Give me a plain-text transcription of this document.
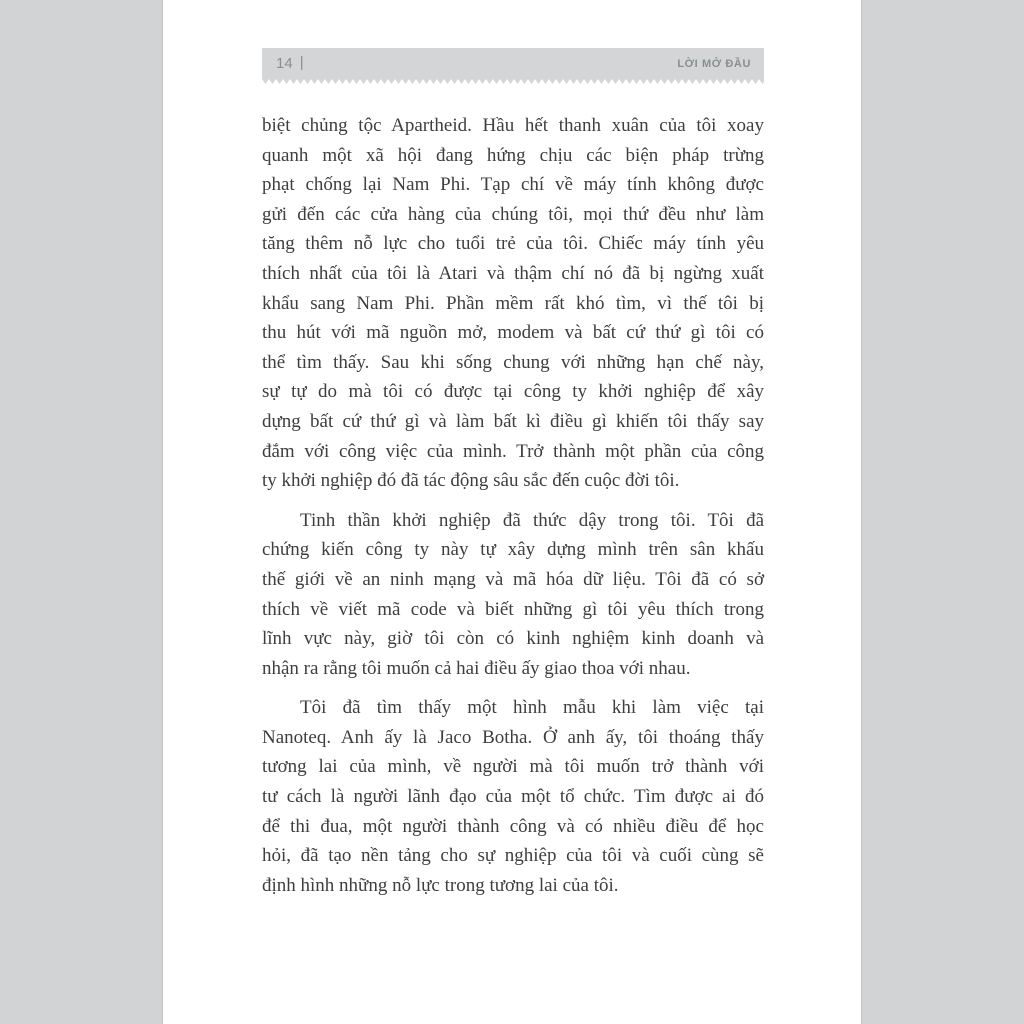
14 |	LỜI MỞ ĐẦU
biệt chủng tộc Apartheid. Hầu hết thanh xuân của tôi xoay
quanh một xã hội đang hứng chịu các biện pháp trừng
phạt chống lại Nam Phi. Tạp chí về máy tính không được
gửi đến các cửa hàng của chúng tôi, mọi thứ đều như làm
tăng thêm nỗ lực cho tuổi trẻ của tôi. Chiếc máy tính yêu
thích nhất của tôi là Atari và thậm chí nó đã bị ngừng xuất
khẩu sang Nam Phi. Phần mềm rất khó tìm, vì thế tôi bị
thu hút với mã nguồn mở, modem và bất cứ thứ gì tôi có
thể tìm thấy. Sau khi sống chung với những hạn chế này,
sự tự do mà tôi có được tại công ty khởi nghiệp để xây
dựng bất cứ thứ gì và làm bất kì điều gì khiến tôi thấy say
đắm với công việc của mình. Trở thành một phần của công
ty khởi nghiệp đó đã tác động sâu sắc đến cuộc đời tôi.
Tinh thần khởi nghiệp đã thức dậy trong tôi. Tôi đã
chứng kiến công ty này tự xây dựng mình trên sân khấu
thế giới về an ninh mạng và mã hóa dữ liệu. Tôi đã có sở
thích về viết mã code và biết những gì tôi yêu thích trong
lĩnh vực này, giờ tôi còn có kinh nghiệm kinh doanh và
nhận ra rằng tôi muốn cả hai điều ấy giao thoa với nhau.
Tôi đã tìm thấy một hình mẫu khi làm việc tại
Nanoteq. Anh ấy là Jaco Botha. Ở anh ấy, tôi thoáng thấy
tương lai của mình, về người mà tôi muốn trở thành với
tư cách là người lãnh đạo của một tổ chức. Tìm được ai đó
để thi đua, một người thành công và có nhiều điều để học
hỏi, đã tạo nền tảng cho sự nghiệp của tôi và cuối cùng sẽ
định hình những nỗ lực trong tương lai của tôi.
